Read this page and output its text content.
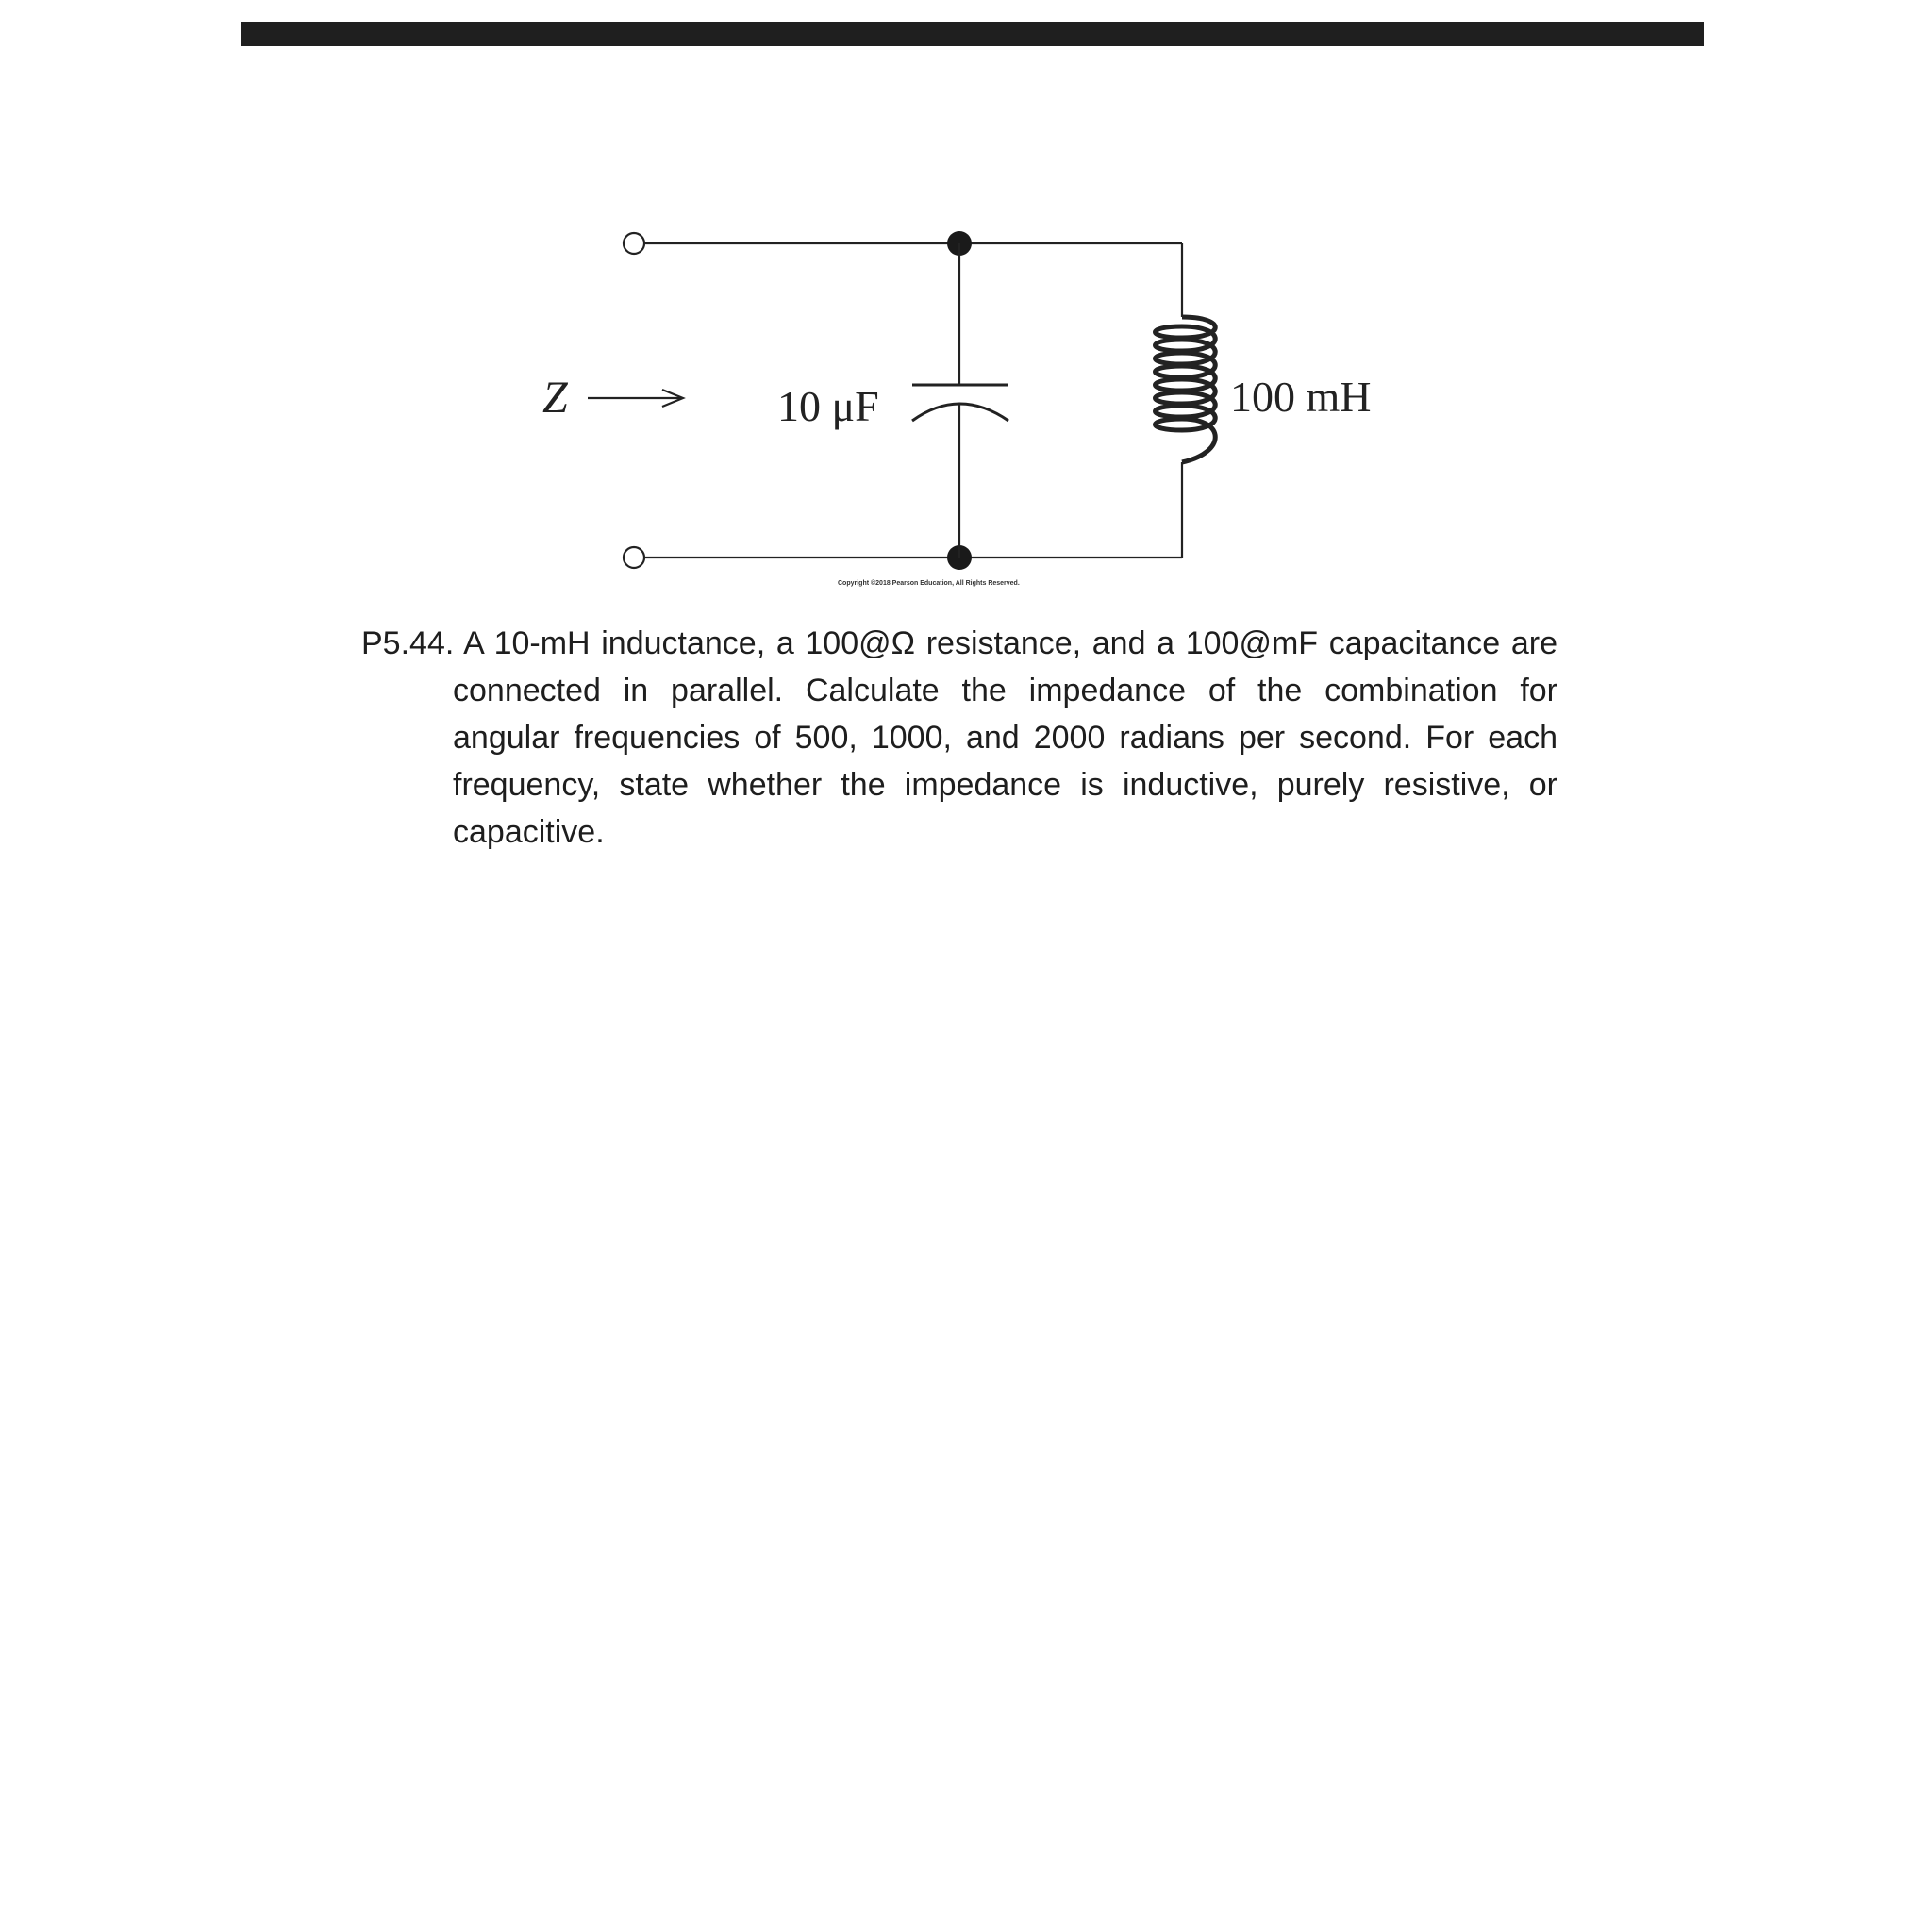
Z	10 μF	100 mH
Copyright ©2018 Pearson Education, All Rights Reserved.
P5.44. A 10-mH inductance, a 100@Ω resistance, and a 100@mF capacitance are
connected in parallel. Calculate the impedance of the combination for
angular frequencies of 500, 1000, and 2000 radians per second. For each
frequency, state whether the impedance is inductive, purely resistive, or
capacitive.
